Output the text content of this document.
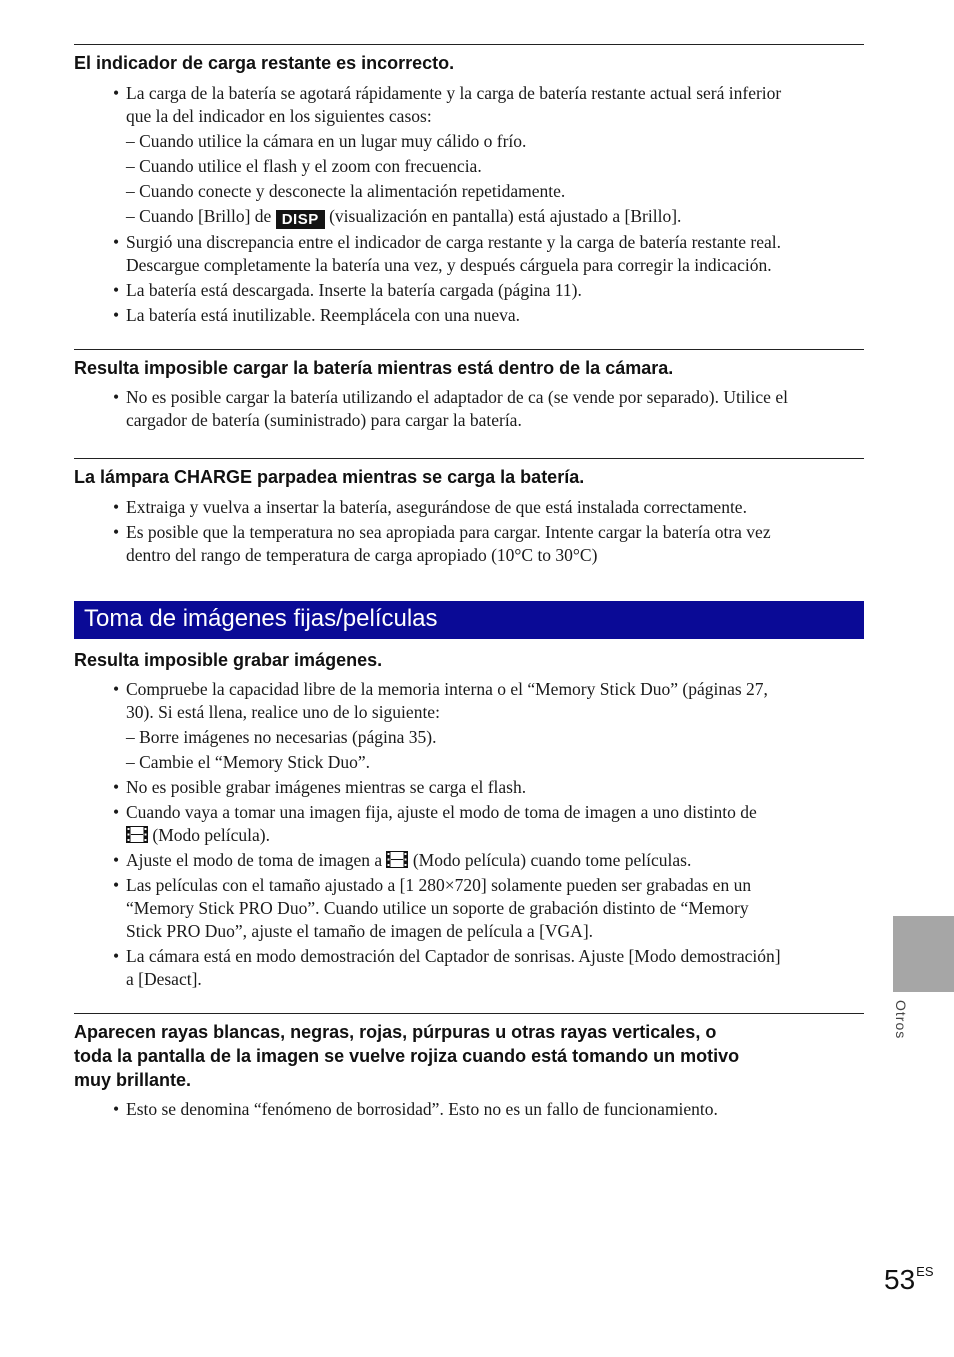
El indicador de carga restante es incorrecto.
• La carga de la batería se agotará rápidamente y la carga de batería restante actual será inferior
que la del indicador en los siguientes casos:
– Cuando utilice la cámara en un lugar muy cálido o frío.
– Cuando utilice el flash y el zoom con frecuencia.
– Cuando conecte y desconecte la alimentación repetidamente.
– Cuando [Brillo] de DISP (visualización en pantalla) está ajustado a [Brillo].
• Surgió una discrepancia entre el indicador de carga restante y la carga de batería restante real.
Descargue completamente la batería una vez, y después cárguela para corregir la indicación.
• La batería está descargada. Inserte la batería cargada (página 11).
• La batería está inutilizable. Reemplácela con una nueva.
Resulta imposible cargar la batería mientras está dentro de la cámara.
• No es posible cargar la batería utilizando el adaptador de ca (se vende por separado). Utilice el
cargador de batería (suministrado) para cargar la batería.
La lámpara CHARGE parpadea mientras se carga la batería.
• Extraiga y vuelva a insertar la batería, asegurándose de que está instalada correctamente.
• Es posible que la temperatura no sea apropiada para cargar. Intente cargar la batería otra vez
dentro del rango de temperatura de carga apropiado (10°C to 30°C)
Toma de imágenes fijas/películas
Resulta imposible grabar imágenes.
• Compruebe la capacidad libre de la memoria interna o el “Memory Stick Duo” (páginas 27,
30). Si está llena, realice uno de lo siguiente:
– Borre imágenes no necesarias (página 35).
– Cambie el “Memory Stick Duo”.
• No es posible grabar imágenes mientras se carga el flash.
• Cuando vaya a tomar una imagen fija, ajuste el modo de toma de imagen a uno distinto de
(Modo película).
• Ajuste el modo de toma de imagen a (Modo película) cuando tome películas.
• Las películas con el tamaño ajustado a [1 280×720] solamente pueden ser grabadas en un
“Memory Stick PRO Duo”. Cuando utilice un soporte de grabación distinto de “Memory
Stick PRO Duo”, ajuste el tamaño de imagen de película a [VGA].
• La cámara está en modo demostración del Captador de sonrisas. Ajuste [Modo demostración]
a [Desact].
Aparecen rayas blancas, negras, rojas, púrpuras u otras rayas verticales, o
toda la pantalla de la imagen se vuelve rojiza cuando está tomando un motivo
muy brillante.
• Esto se denomina “fenómeno de borrosidad”. Esto no es un fallo de funcionamiento.
Otros
$53^{ES}$
